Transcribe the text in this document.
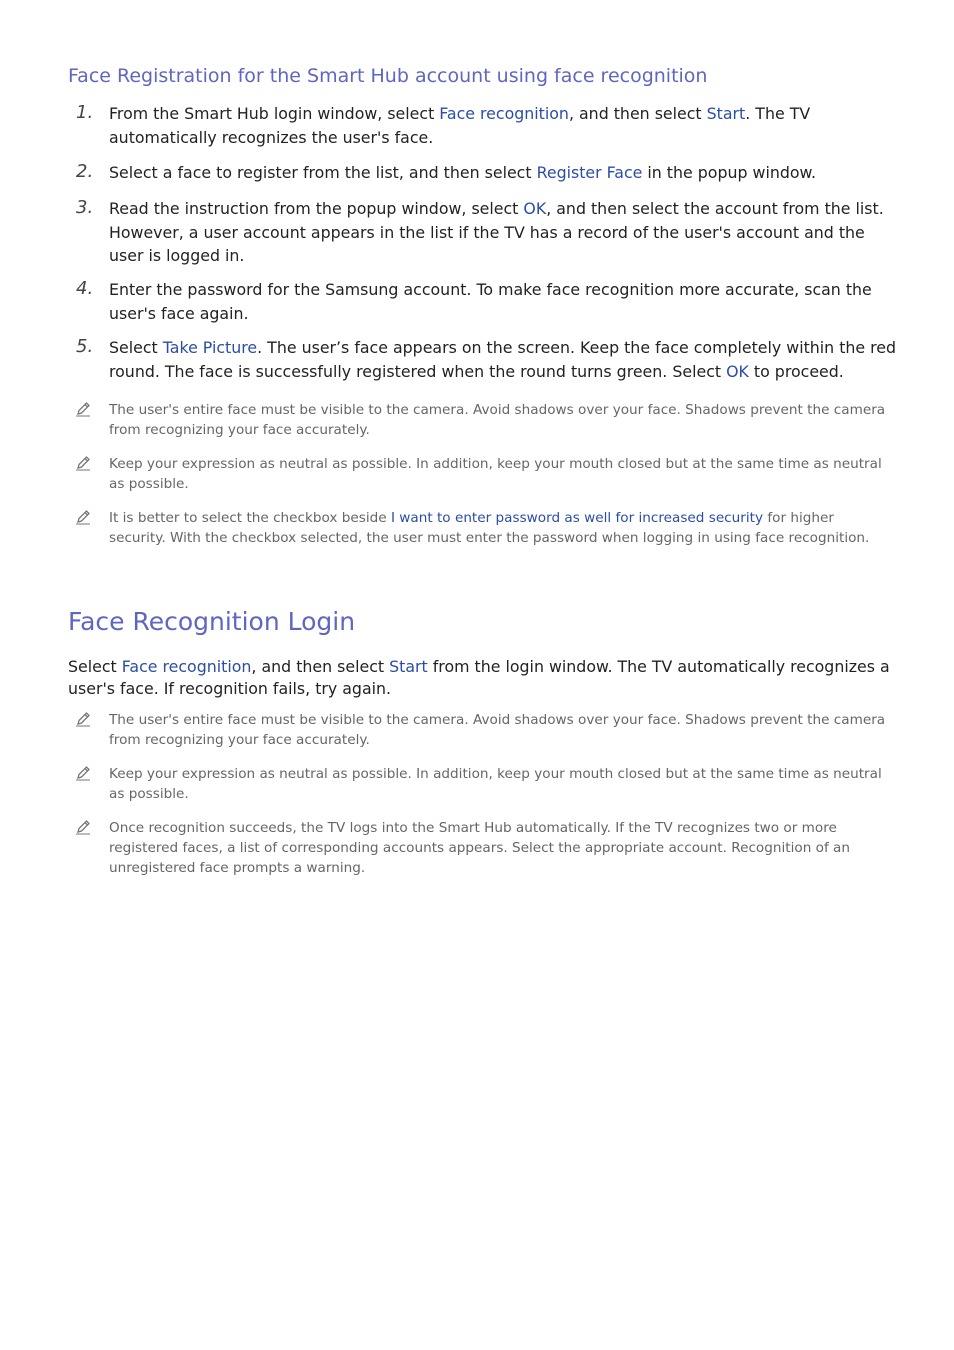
Face Registration for the Smart Hub account using face recognition
1. From the Smart Hub login window, select Face recognition, and then select Start. The TV automatically recognizes the user's face.

2. Select a face to register from the list, and then select Register Face in the popup window.

3. Read the instruction from the popup window, select OK, and then select the account from the list. However, a user account appears in the list if the TV has a record of the user's account and the user is logged in.

4. Enter the password for the Samsung account. To make face recognition more accurate, scan the user's face again.

5. Select Take Picture. The user’s face appears on the screen. Keep the face completely within the red round. The face is successfully registered when the round turns green. Select OK to proceed.

The user's entire face must be visible to the camera. Avoid shadows over your face. Shadows prevent the camera from recognizing your face accurately.

Keep your expression as neutral as possible. In addition, keep your mouth closed but at the same time as neutral as possible.

It is better to select the checkbox beside I want to enter password as well for increased security for higher security. With the checkbox selected, the user must enter the password when logging in using face recognition.

Face Recognition Login

Select Face recognition, and then select Start from the login window. The TV automatically recognizes a user's face. If recognition fails, try again.

The user's entire face must be visible to the camera. Avoid shadows over your face. Shadows prevent the camera from recognizing your face accurately.

Keep your expression as neutral as possible. In addition, keep your mouth closed but at the same time as neutral as possible.

Once recognition succeeds, the TV logs into the Smart Hub automatically. If the TV recognizes two or more registered faces, a list of corresponding accounts appears. Select the appropriate account. Recognition of an unregistered face prompts a warning.
